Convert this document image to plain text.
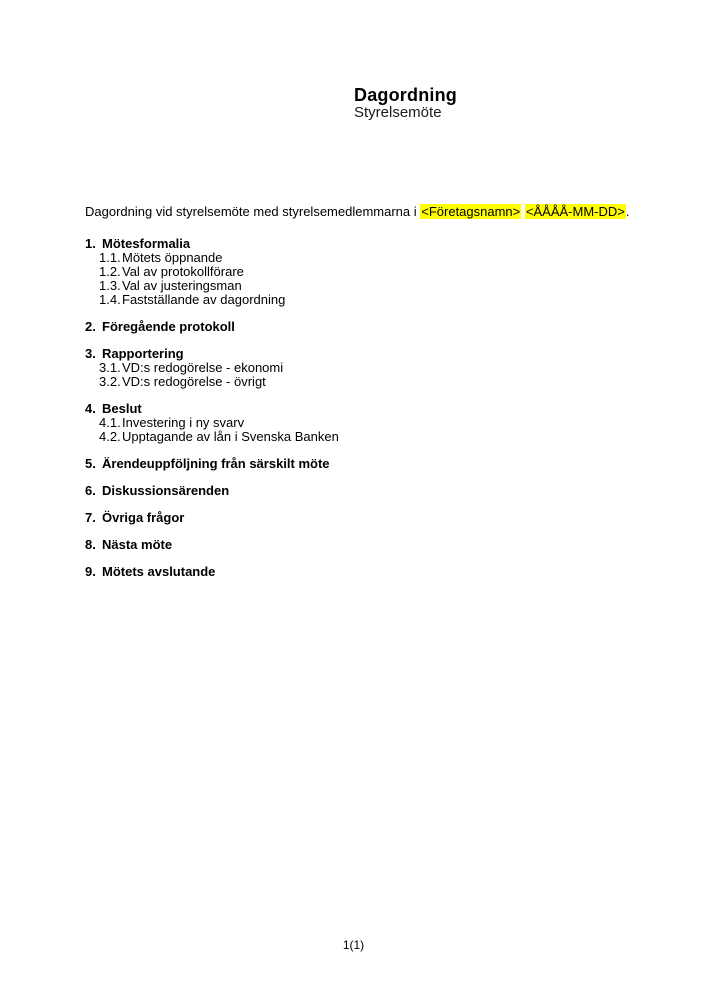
Dagordning
Styrelsemöte

Dagordning vid styrelsemöte med styrelsemedlemmarna i <Företagsnamn> <ÅÅÅÅ-MM-DD>.

1. Mötesformalia
1.1. Mötets öppnande
1.2. Val av protokollförare
1.3. Val av justeringsman
1.4. Fastställande av dagordning
2. Föregående protokoll
3. Rapportering
3.1. VD:s redogörelse - ekonomi
3.2. VD:s redogörelse - övrigt
4. Beslut
4.1. Investering i ny svarv
4.2. Upptagande av lån i Svenska Banken
5. Ärendeuppföljning från särskilt möte
6. Diskussionsärenden
7. Övriga frågor
8. Nästa möte
9. Mötets avslutande
1(1)
